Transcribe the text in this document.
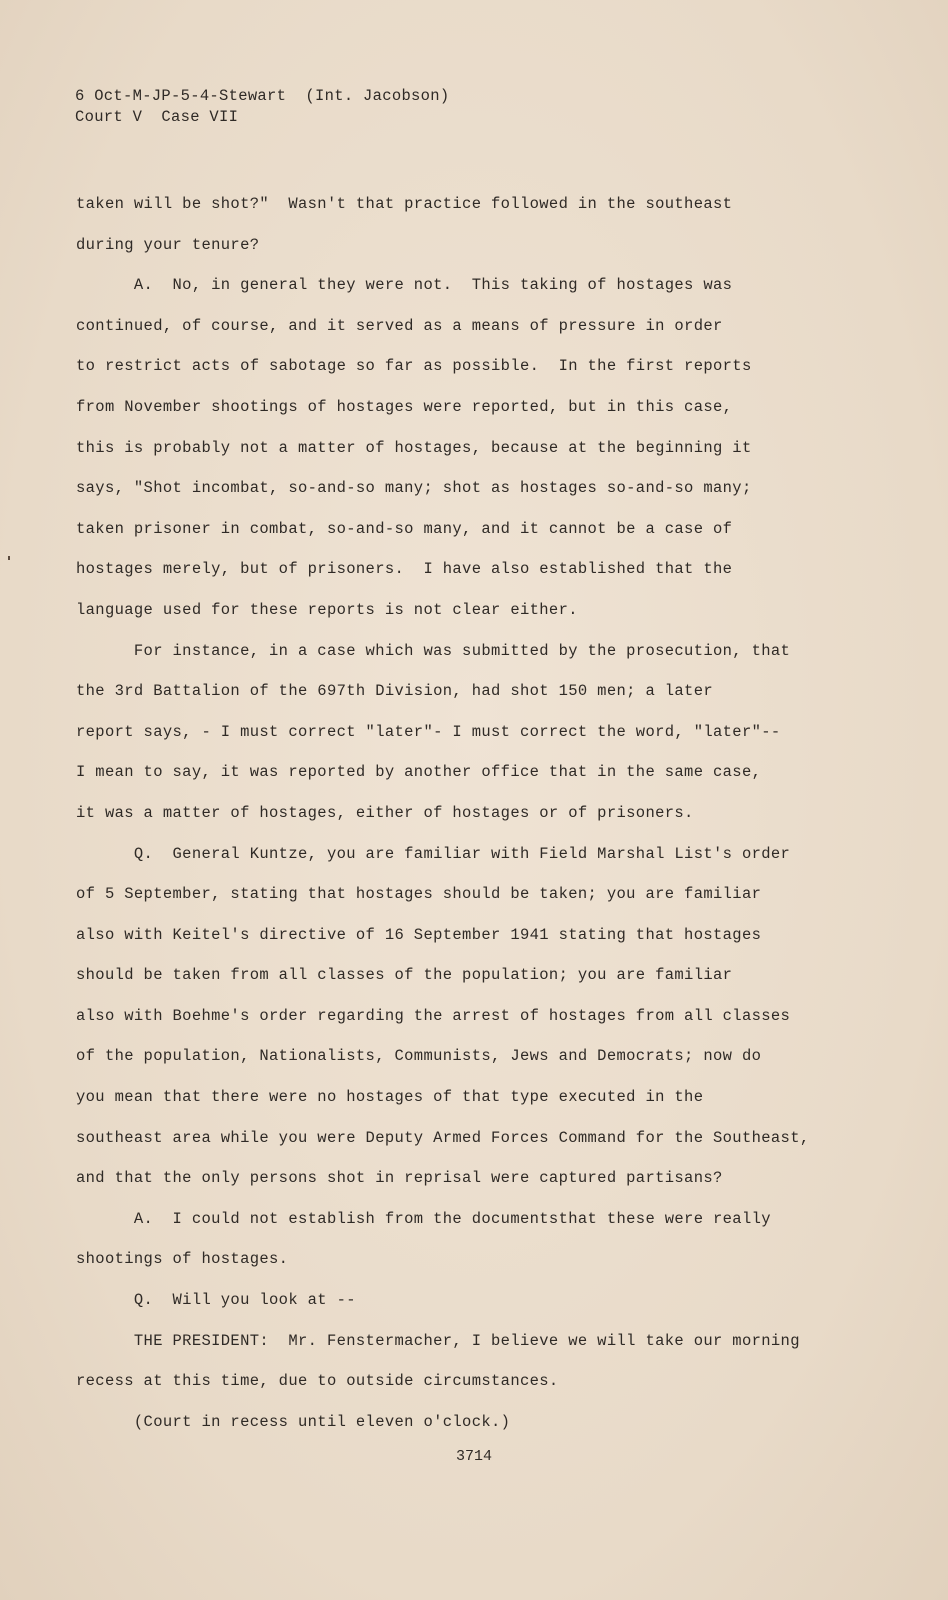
6 Oct-M-JP-5-4-Stewart  (Int. Jacobson)
Court V  Case VII
taken will be shot?"  Wasn't that practice followed in the southeast
during your tenure?
A.  No, in general they were not.  This taking of hostages was
continued, of course, and it served as a means of pressure in order
to restrict acts of sabotage so far as possible.  In the first reports
from November shootings of hostages were reported, but in this case,
this is probably not a matter of hostages, because at the beginning it
says, "Shot incombat, so-and-so many; shot as hostages so-and-so many;
taken prisoner in combat, so-and-so many, and it cannot be a case of
hostages merely, but of prisoners.  I have also established that the
language used for these reports is not clear either.
For instance, in a case which was submitted by the prosecution, that
the 3rd Battalion of the 697th Division, had shot 150 men; a later
report says, - I must correct "later"- I must correct the word, "later"--
I mean to say, it was reported by another office that in the same case,
it was a matter of hostages, either of hostages or of prisoners.
Q.  General Kuntze, you are familiar with Field Marshal List's order
of 5 September, stating that hostages should be taken; you are familiar
also with Keitel's directive of 16 September 1941 stating that hostages
should be taken from all classes of the population; you are familiar
also with Boehme's order regarding the arrest of hostages from all classes
of the population, Nationalists, Communists, Jews and Democrats; now do
you mean that there were no hostages of that type executed in the
southeast area while you were Deputy Armed Forces Command for the Southeast,
and that the only persons shot in reprisal were captured partisans?
A.  I could not establish from the documentsthat these were really
shootings of hostages.
Q.  Will you look at --
THE PRESIDENT:  Mr. Fenstermacher, I believe we will take our morning
recess at this time, due to outside circumstances.
(Court in recess until eleven o'clock.)
3714
